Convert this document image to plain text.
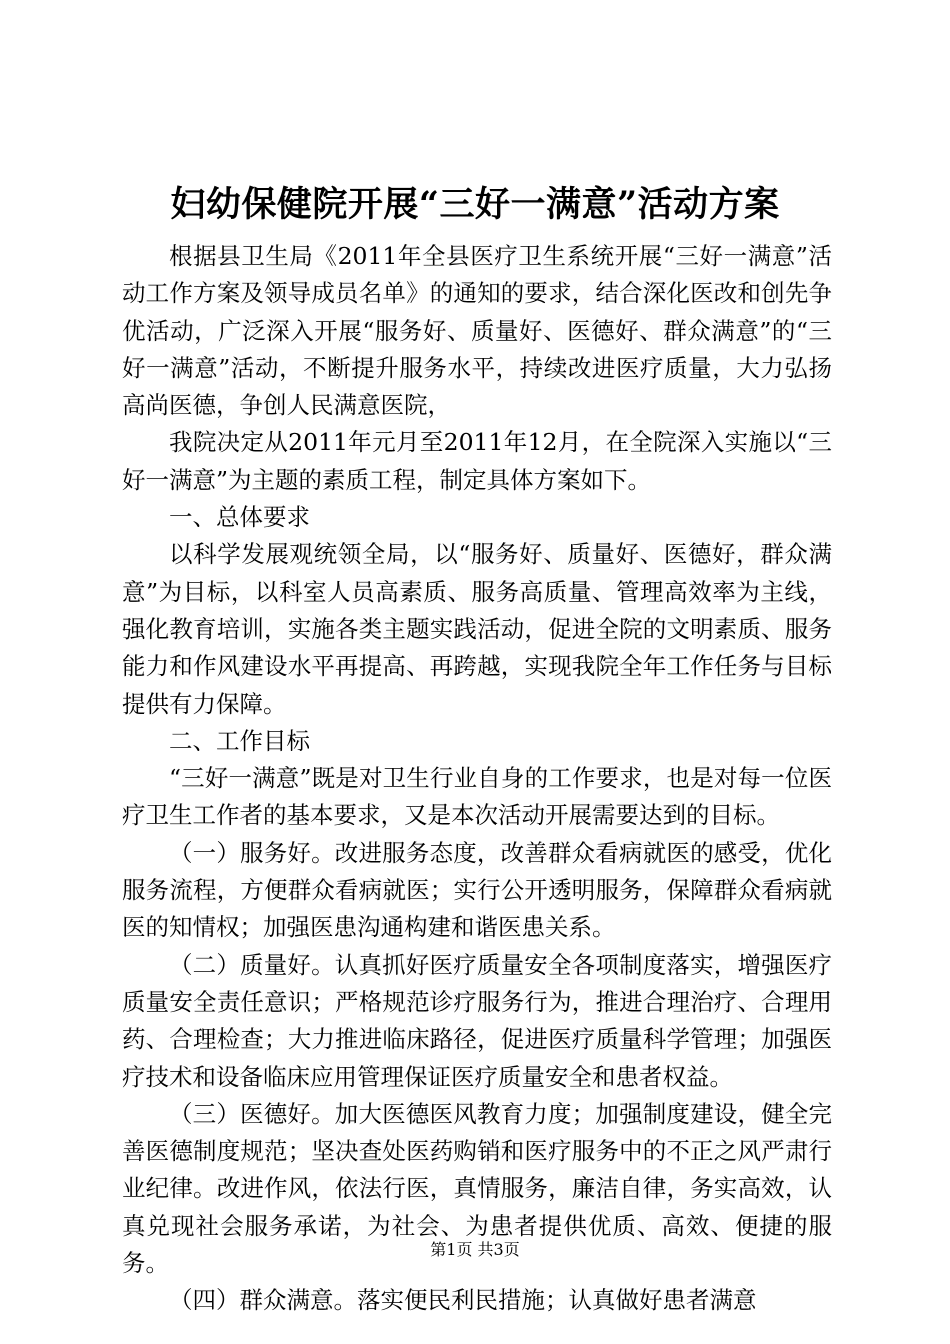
妇幼保健院开展“三好一满意”活动方案

根据县卫生局《2011年全县医疗卫生系统开展“三好一满意”活动工作方案及领导成员名单》的通知的要求，结合深化医改和创先争优活动，广泛深入开展“服务好、质量好、医德好、群众满意”的“三好一满意”活动，不断提升服务水平，持续改进医疗质量，大力弘扬高尚医德，争创人民满意医院，

我院决定从2011年元月至2011年12月，在全院深入实施以“三好一满意”为主题的素质工程，制定具体方案如下。

一、总体要求

以科学发展观统领全局，以“服务好、质量好、医德好，群众满意”为目标，以科室人员高素质、服务高质量、管理高效率为主线，强化教育培训，实施各类主题实践活动，促进全院的文明素质、服务能力和作风建设水平再提高、再跨越，实现我院全年工作任务与目标提供有力保障。

二、工作目标

“三好一满意”既是对卫生行业自身的工作要求，也是对每一位医疗卫生工作者的基本要求，又是本次活动开展需要达到的目标。

（一）服务好。改进服务态度，改善群众看病就医的感受，优化服务流程，方便群众看病就医；实行公开透明服务，保障群众看病就医的知情权；加强医患沟通构建和谐医患关系。

（二）质量好。认真抓好医疗质量安全各项制度落实，增强医疗质量安全责任意识；严格规范诊疗服务行为，推进合理治疗、合理用药、合理检查；大力推进临床路径，促进医疗质量科学管理；加强医疗技术和设备临床应用管理保证医疗质量安全和患者权益。

（三）医德好。加大医德医风教育力度；加强制度建设，健全完善医德制度规范；坚决查处医药购销和医疗服务中的不正之风严肃行业纪律。改进作风，依法行医，真情服务，廉洁自律，务实高效，认真兑现社会服务承诺，为社会、为患者提供优质、高效、便捷的服务。

（四）群众满意。落实便民利民措施；认真做好患者满意

第1页 共3页
